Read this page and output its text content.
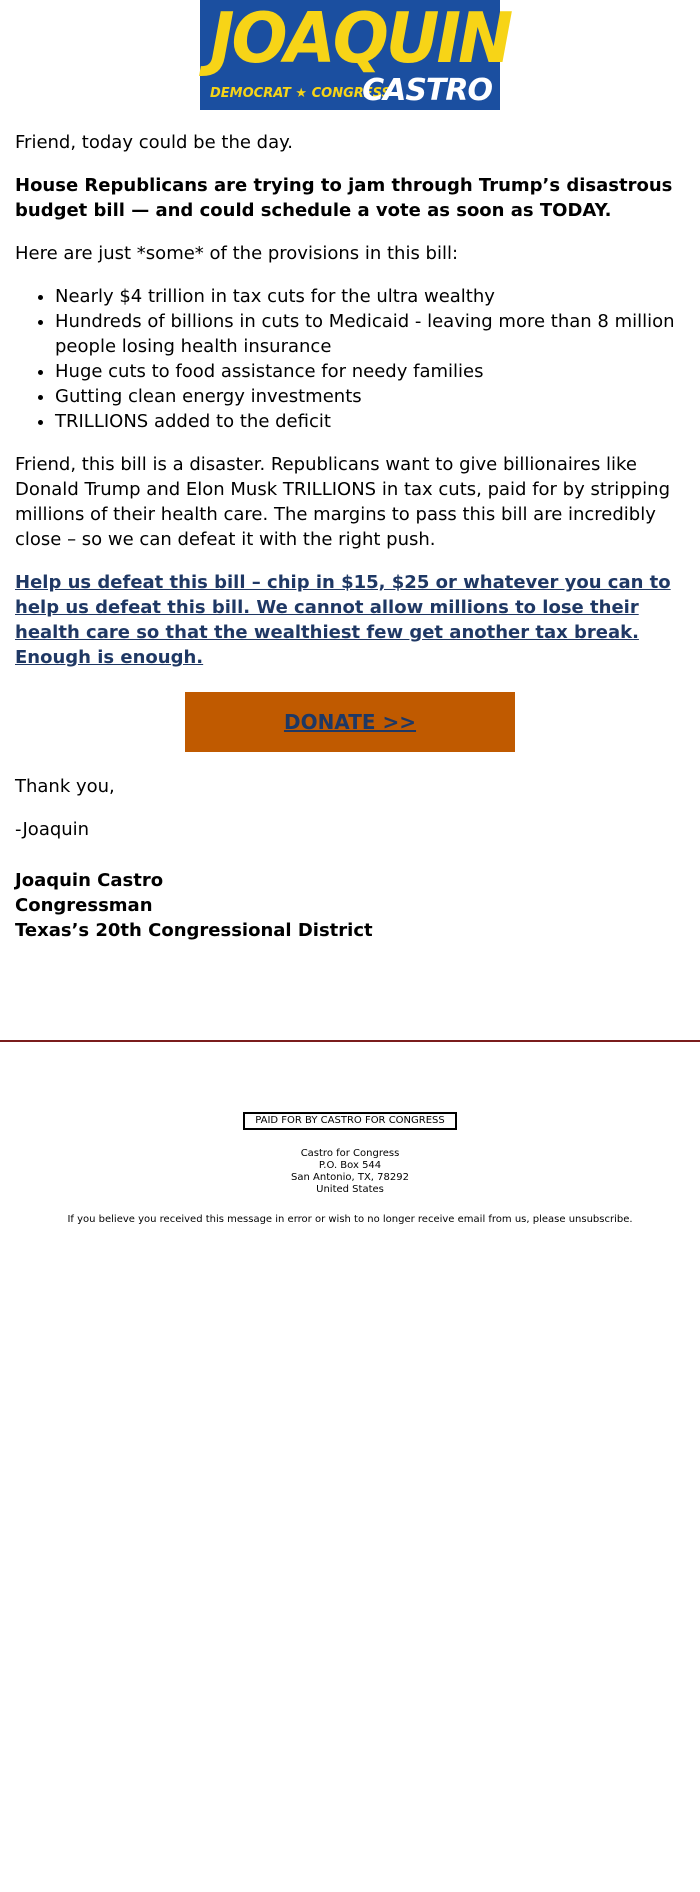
JOAQUIN
DEMOCRAT ★ CONGRESS
CASTRO

Friend, today could be the day.

House Republicans are trying to jam through Trump’s disastrous budget bill — and could schedule a vote as soon as TODAY.

Here are just *some* of the provisions in this bill:

• Nearly $4 trillion in tax cuts for the ultra wealthy
• Hundreds of billions in cuts to Medicaid - leaving more than 8 million people losing health insurance
• Huge cuts to food assistance for needy families
• Gutting clean energy investments
• TRILLIONS added to the deficit

Friend, this bill is a disaster. Republicans want to give billionaires like Donald Trump and Elon Musk TRILLIONS in tax cuts, paid for by stripping millions of their health care. The margins to pass this bill are incredibly close – so we can defeat it with the right push.

Help us defeat this bill – chip in $15, $25 or whatever you can to help us defeat this bill. We cannot allow millions to lose their health care so that the wealthiest few get another tax break. Enough is enough.

DONATE >>

Thank you,

-Joaquin

Joaquin Castro
Congressman
Texas’s 20th Congressional District
PAID FOR BY CASTRO FOR CONGRESS
Castro for Congress
P.O. Box 544
San Antonio, TX, 78292
United States
If you believe you received this message in error or wish to no longer receive email from us, please unsubscribe.
